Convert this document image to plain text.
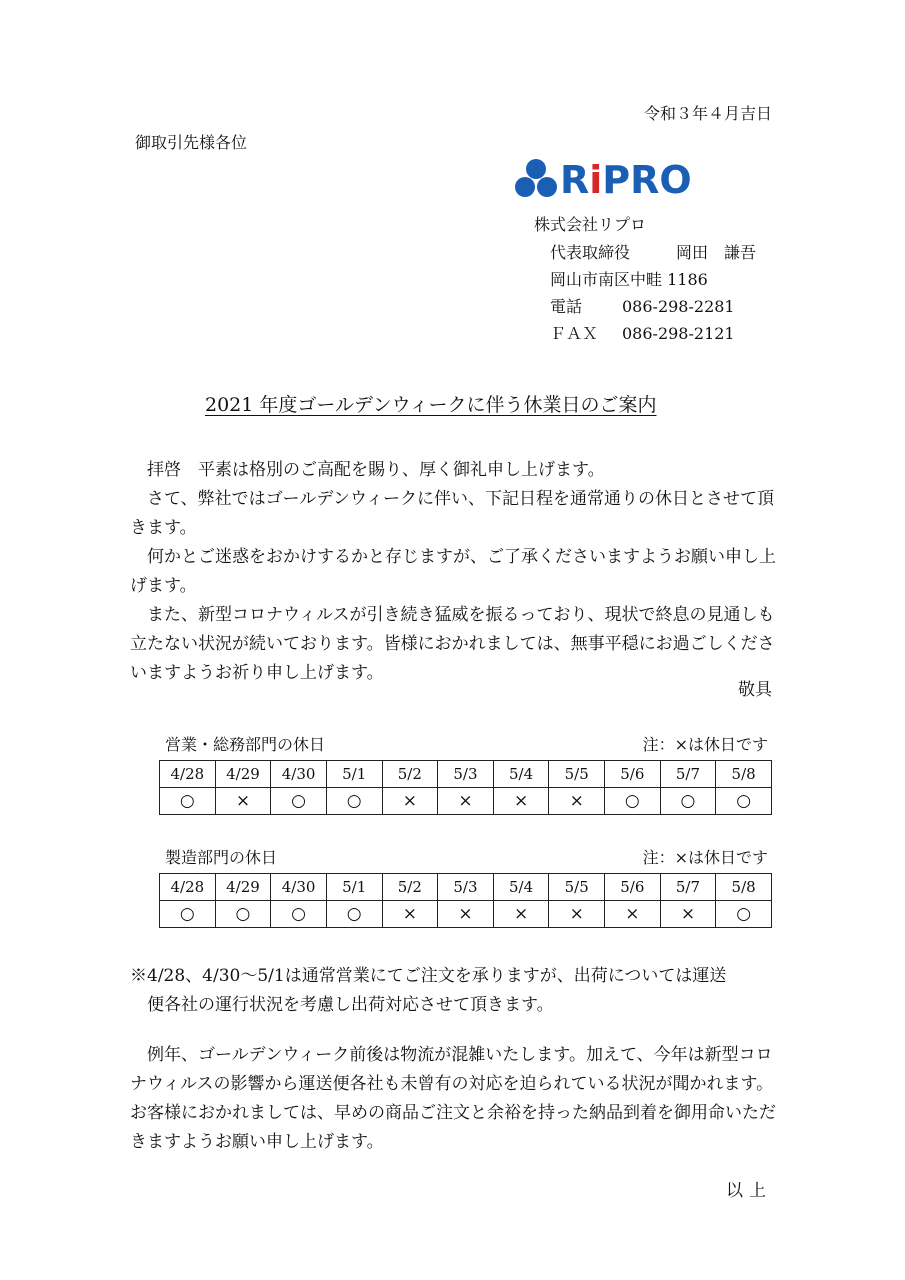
令和３年４月吉日
御取引先様各位
RiPRO
株式会社リプロ
代表取締役	岡田　謙吾
岡山市南区中畦 1186
電話 086-298-2281
ＦＡＸ 086-298-2121
2021 年度ゴールデンウィークに伴う休業日のご案内

拝啓　平素は格別のご高配を賜り、厚く御礼申し上げます。

さて、弊社ではゴールデンウィークに伴い、下記日程を通常通りの休日とさせて頂きます。

何かとご迷惑をおかけするかと存じますが、ご了承くださいますようお願い申し上げます。

また、新型コロナウィルスが引き続き猛威を振るっており、現状で終息の見通しも立たない状況が続いております。皆様におかれましては、無事平穏にお過ごしくださいますようお祈り申し上げます。

敬具
営業・総務部門の休日	注：×は休日です
4/28	4/29	4/30	5/1	5/2	5/3	5/4	5/5	5/6	5/7	5/8
○	×	○	○	×	×	×	×	○	○	○
製造部門の休日	注：×は休日です
4/28	4/29	4/30	5/1	5/2	5/3	5/4	5/5	5/6	5/7	5/8
○	○	○	○	×	×	×	×	×	×	○
※4/28、4/30～5/1は通常営業にてご注文を承りますが、出荷については運送
便各社の運行状況を考慮し出荷対応させて頂きます。

例年、ゴールデンウィーク前後は物流が混雑いたします。加えて、今年は新型コロナウィルスの影響から運送便各社も未曾有の対応を迫られている状況が聞かれます。お客様におかれましては、早めの商品ご注文と余裕を持った納品到着を御用命いただきますようお願い申し上げます。

以上
